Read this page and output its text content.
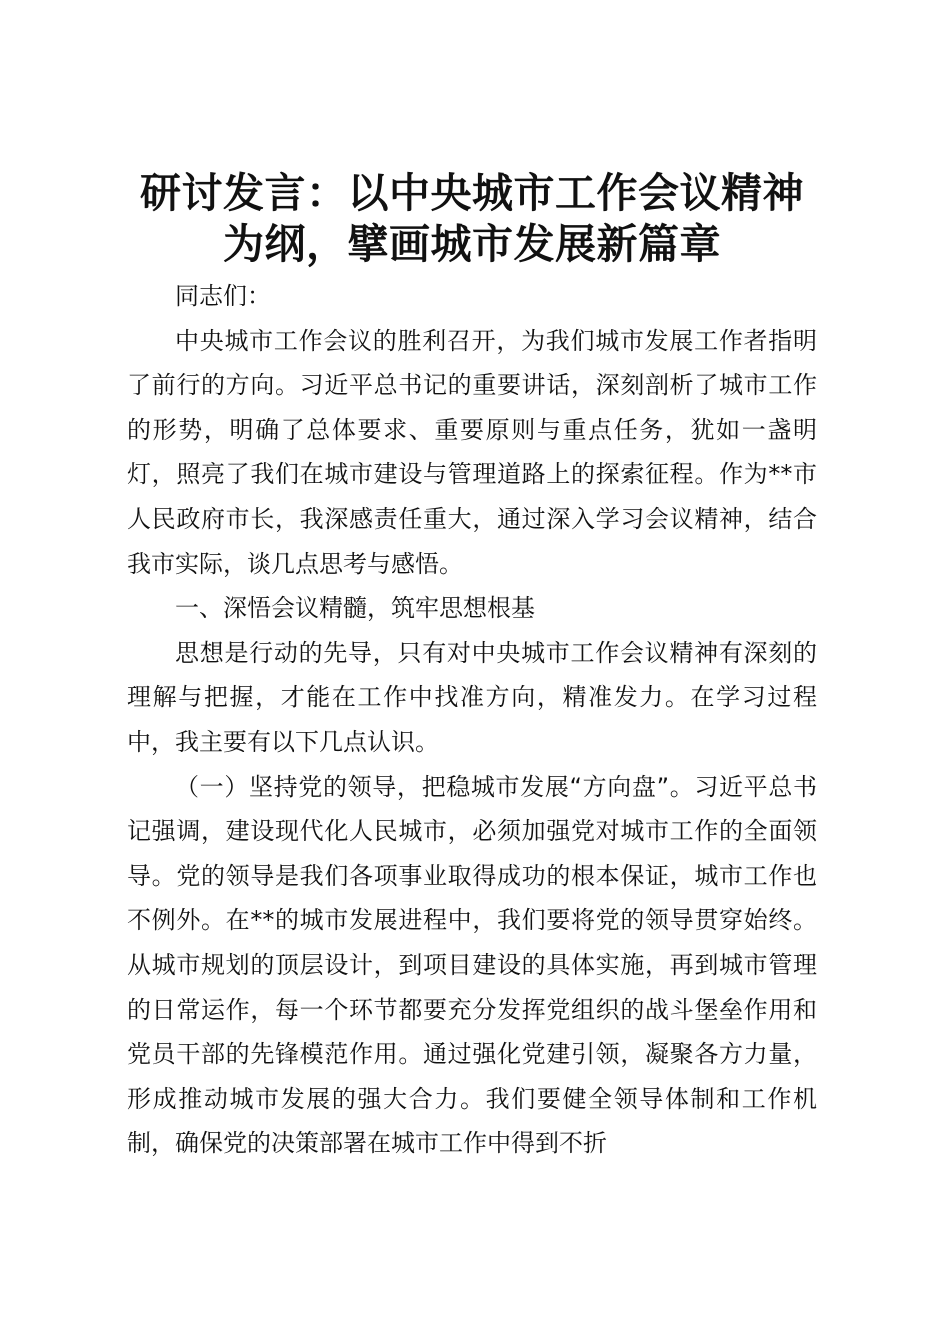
研讨发言：以中央城市工作会议精神为纲，擘画城市发展新篇章

同志们：

中央城市工作会议的胜利召开，为我们城市发展工作者指明了前行的方向。习近平总书记的重要讲话，深刻剖析了城市工作的形势，明确了总体要求、重要原则与重点任务，犹如一盏明灯，照亮了我们在城市建设与管理道路上的探索征程。作为**市人民政府市长，我深感责任重大，通过深入学习会议精神，结合我市实际，谈几点思考与感悟。

一、深悟会议精髓，筑牢思想根基

思想是行动的先导，只有对中央城市工作会议精神有深刻的理解与把握，才能在工作中找准方向，精准发力。在学习过程中，我主要有以下几点认识。

（一）坚持党的领导，把稳城市发展“方向盘”。习近平总书记强调，建设现代化人民城市，必须加强党对城市工作的全面领导。党的领导是我们各项事业取得成功的根本保证，城市工作也不例外。在**的城市发展进程中，我们要将党的领导贯穿始终。从城市规划的顶层设计，到项目建设的具体实施，再到城市管理的日常运作，每一个环节都要充分发挥党组织的战斗堡垒作用和党员干部的先锋模范作用。通过强化党建引领，凝聚各方力量，形成推动城市发展的强大合力。我们要健全领导体制和工作机制，确保党的决策部署在城市工作中得到不折
